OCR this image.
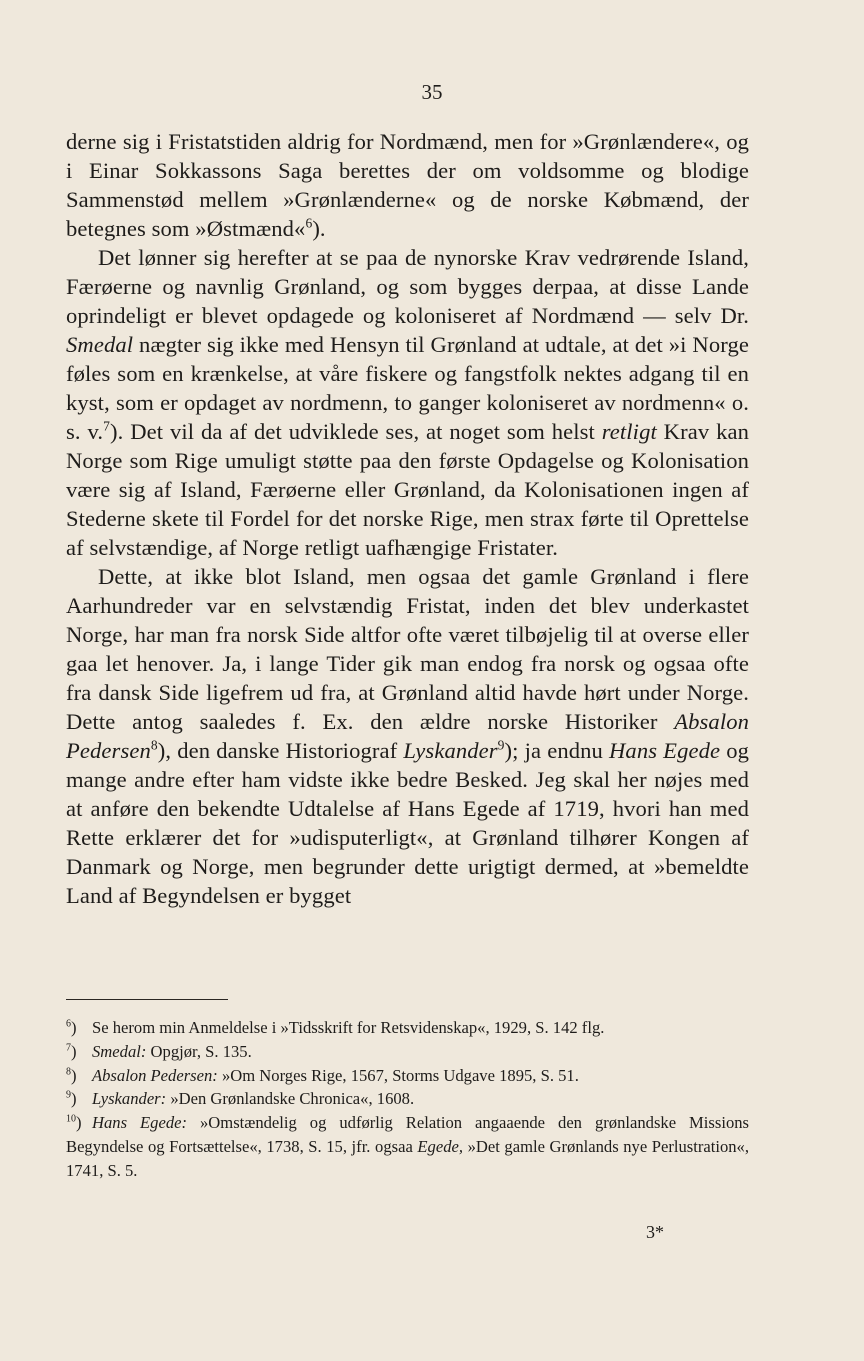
35

derne sig i Fristatstiden aldrig for Nordmænd, men for »Grønlændere«, og i Einar Sokkassons Saga berettes der om voldsomme og blodige Sammenstød mellem »Grønlænderne« og de norske Købmænd, der betegnes som »Østmænd«$^6$).

Det lønner sig herefter at se paa de nynorske Krav vedrørende Island, Færøerne og navnlig Grønland, og som bygges derpaa, at disse Lande oprindeligt er blevet opdagede og koloniseret af Nordmænd — selv Dr. Smedal nægter sig ikke med Hensyn til Grønland at udtale, at det »i Norge føles som en krænkelse, at våre fiskere og fangstfolk nektes adgang til en kyst, som er opdaget av nordmenn, to ganger koloniseret av nordmenn« o. s. v.$^7$). Det vil da af det udviklede ses, at noget som helst retligt Krav kan Norge som Rige umuligt støtte paa den første Opdagelse og Kolonisation være sig af Island, Færøerne eller Grønland, da Kolonisationen ingen af Stederne skete til Fordel for det norske Rige, men strax førte til Oprettelse af selvstændige, af Norge retligt uafhængige Fristater.

Dette, at ikke blot Island, men ogsaa det gamle Grønland i flere Aarhundreder var en selvstændig Fristat, inden det blev underkastet Norge, har man fra norsk Side altfor ofte været tilbøjelig til at overse eller gaa let henover. Ja, i lange Tider gik man endog fra norsk og ogsaa ofte fra dansk Side ligefrem ud fra, at Grønland altid havde hørt under Norge. Dette antog saaledes f. Ex. den ældre norske Historiker Absalon Pedersen$^8$), den danske Historiograf Lyskander$^9$); ja endnu Hans Egede og mange andre efter ham vidste ikke bedre Besked. Jeg skal her nøjes med at anføre den bekendte Udtalelse af Hans Egede af 1719, hvori han med Rette erklærer det for »udisputerligt«, at Grønland tilhører Kongen af Danmark og Norge, men begrunder dette urigtigt dermed, at »bemeldte Land af Begyndelsen er bygget

$^6$) Se herom min Anmeldelse i »Tidsskrift for Retsvidenskap«, 1929, S. 142 flg.

$^7$) Smedal: Opgjør, S. 135.

$^8$) Absalon Pedersen: »Om Norges Rige, 1567, Storms Udgave 1895, S. 51.

$^9$) Lyskander: »Den Grønlandske Chronica«, 1608.

$^{10}$) Hans Egede: »Omstændelig og udførlig Relation angaaende den grønlandske Missions Begyndelse og Fortsættelse«, 1738, S. 15, jfr. ogsaa Egede, »Det gamle Grønlands nye Perlustration«, 1741, S. 5.

3*
